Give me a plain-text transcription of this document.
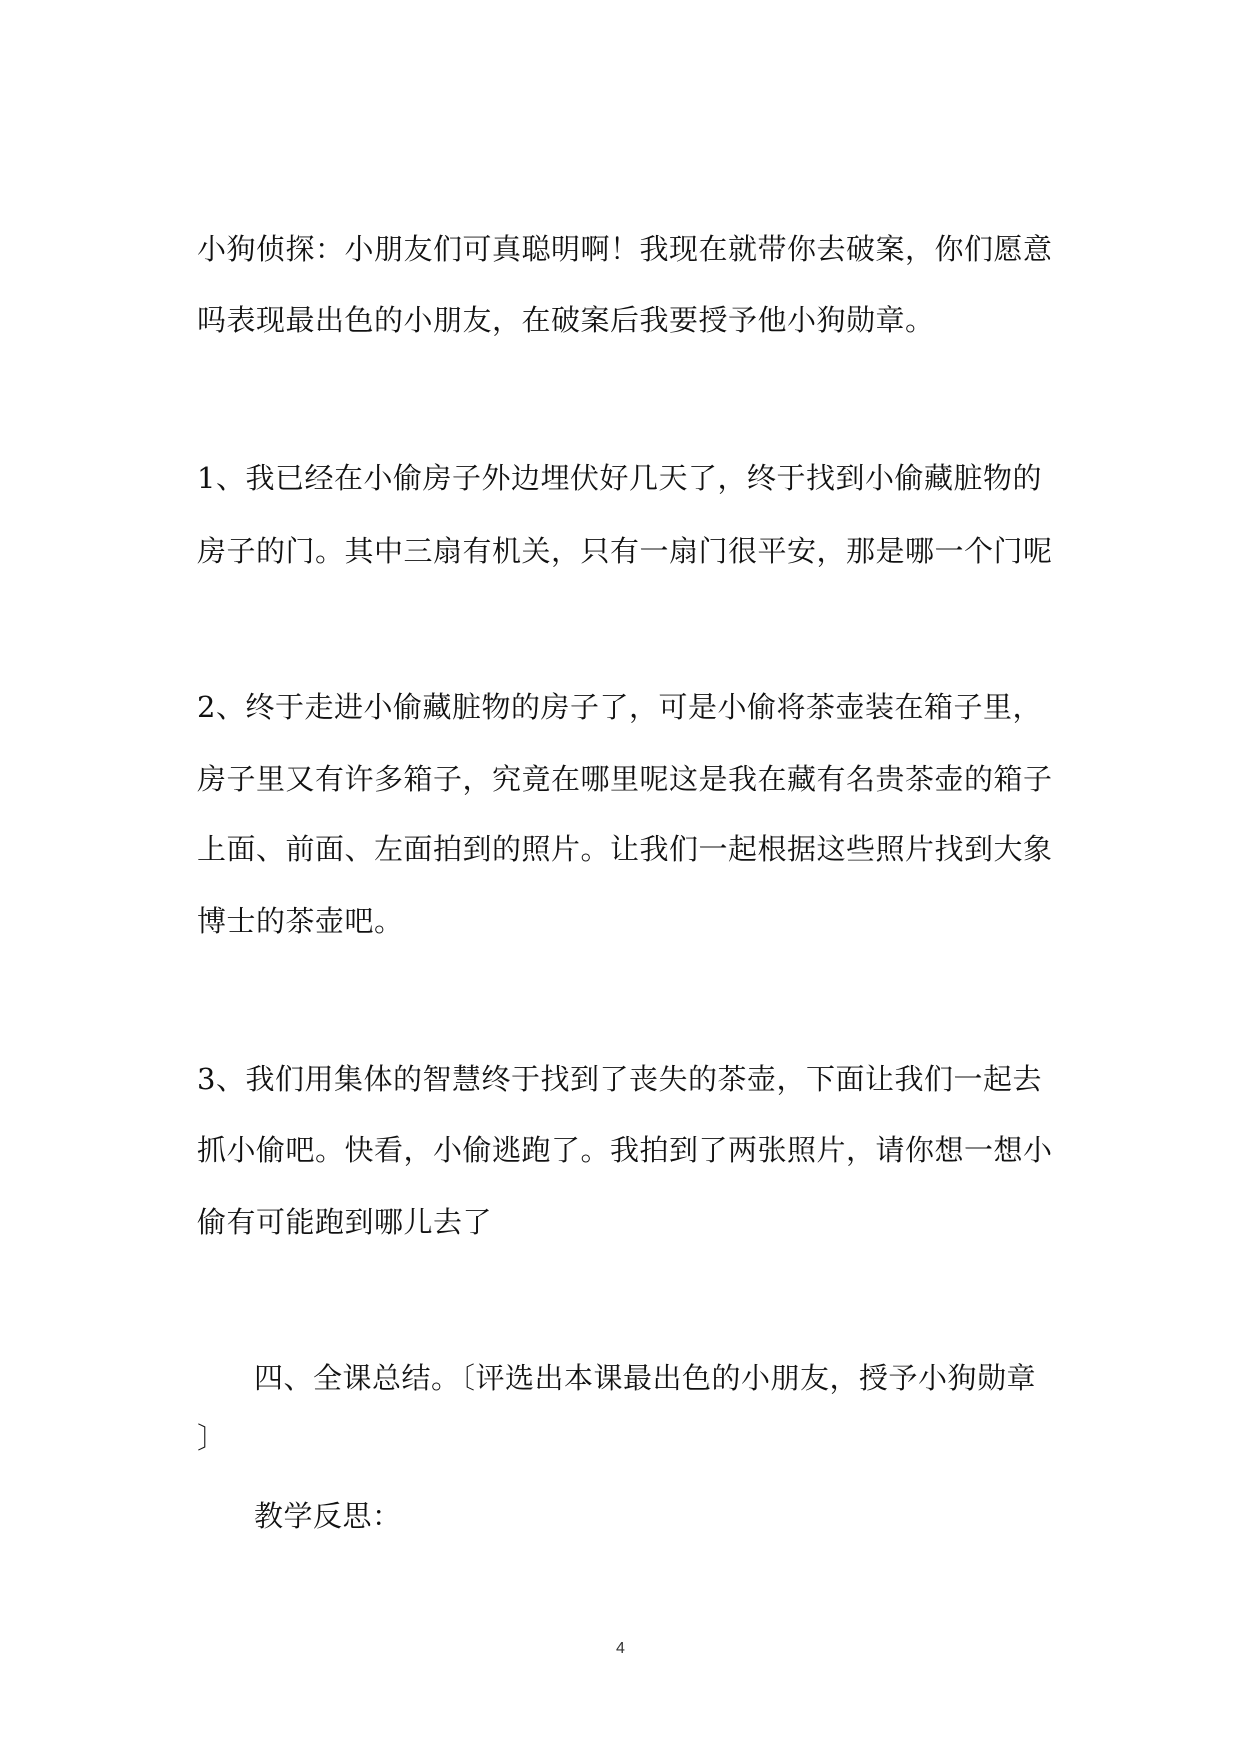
小狗侦探：小朋友们可真聪明啊！我现在就带你去破案，你们愿意

吗表现最出色的小朋友，在破案后我要授予他小狗勋章。

1、我已经在小偷房子外边埋伏好几天了，终于找到小偷藏脏物的

房子的门。其中三扇有机关，只有一扇门很平安，那是哪一个门呢

2、终于走进小偷藏脏物的房子了，可是小偷将茶壶装在箱子里，

房子里又有许多箱子，究竟在哪里呢这是我在藏有名贵茶壶的箱子

上面、前面、左面拍到的照片。让我们一起根据这些照片找到大象

博士的茶壶吧。

3、我们用集体的智慧终于找到了丧失的茶壶，下面让我们一起去

抓小偷吧。快看，小偷逃跑了。我拍到了两张照片，请你想一想小

偷有可能跑到哪儿去了

四、全课总结。〔评选出本课最出色的小朋友，授予小狗勋章

〕

教学反思：

4
